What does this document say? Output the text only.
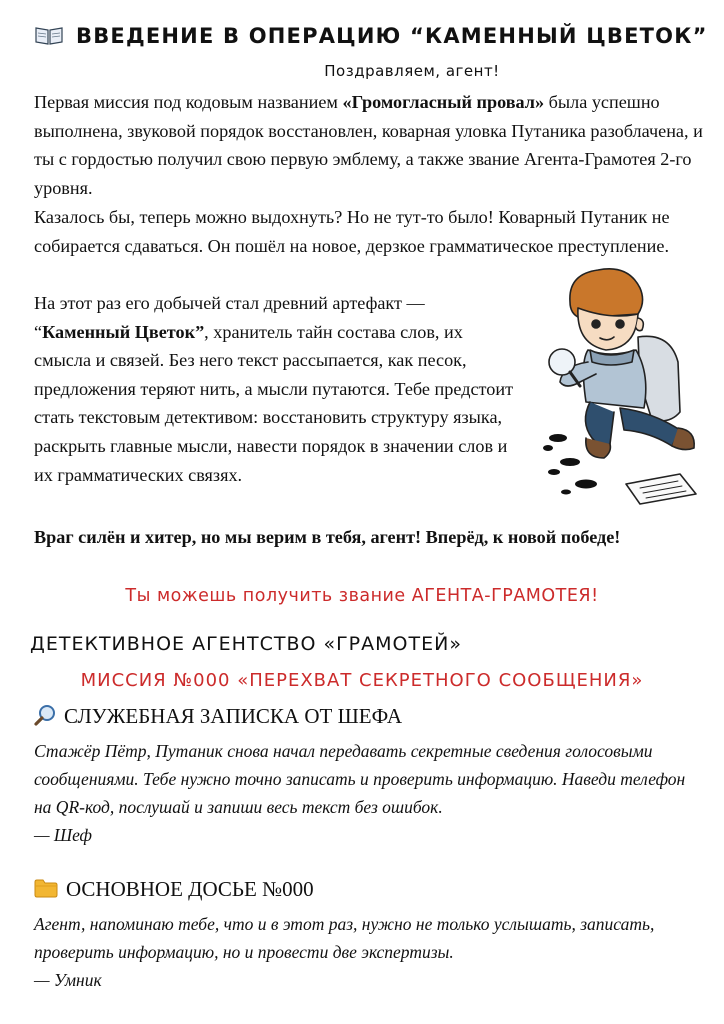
ВВЕДЕНИЕ В ОПЕРАЦИЮ “КАМЕННЫЙ ЦВЕТОК”
Поздравляем, агент!

Первая миссия под кодовым названием «Громогласный провал» была успешно выполнена, звуковой порядок восстановлен, коварная уловка Путаника разоблачена, и ты с гордостью получил свою первую эмблему, а также звание Агента-Грамотея 2-го уровня.

Казалось бы, теперь можно выдохнуть? Но не тут-то было! Коварный Путаник не собирается сдаваться. Он пошёл на новое, дерзкое грамматическое преступление.

На этот раз его добычей стал древний артефакт — “Каменный Цветок”, хранитель тайн состава слов, их смысла и связей. Без него текст рассыпается, как песок, предложения теряют нить, а мысли путаются. Тебе предстоит стать текстовым детективом: восстановить структуру языка, раскрыть главные мысли, навести порядок в значении слов и их грамматических связях.

Враг силён и хитер, но мы верим в тебя, агент! Вперёд, к новой победе!

Ты можешь получить звание АГЕНТА-ГРАМОТЕЯ!
ДЕТЕКТИВНОЕ АГЕНТСТВО «ГРАМОТЕЙ»
МИССИЯ №000 «ПЕРЕХВАТ СЕКРЕТНОГО СООБЩЕНИЯ»
СЛУЖЕБНАЯ ЗАПИСКА ОТ ШЕФА

Стажёр Пётр, Путаник снова начал передавать секретные сведения голосовыми сообщениями. Тебе нужно точно записать и проверить информацию. Наведи телефон на QR-код, послушай и запиши весь текст без ошибок.
— Шеф

ОСНОВНОЕ ДОСЬЕ №000

Агент, напоминаю тебе, что и в этот раз, нужно не только услышать, записать, проверить информацию, но и провести две экспертизы.
— Умник
